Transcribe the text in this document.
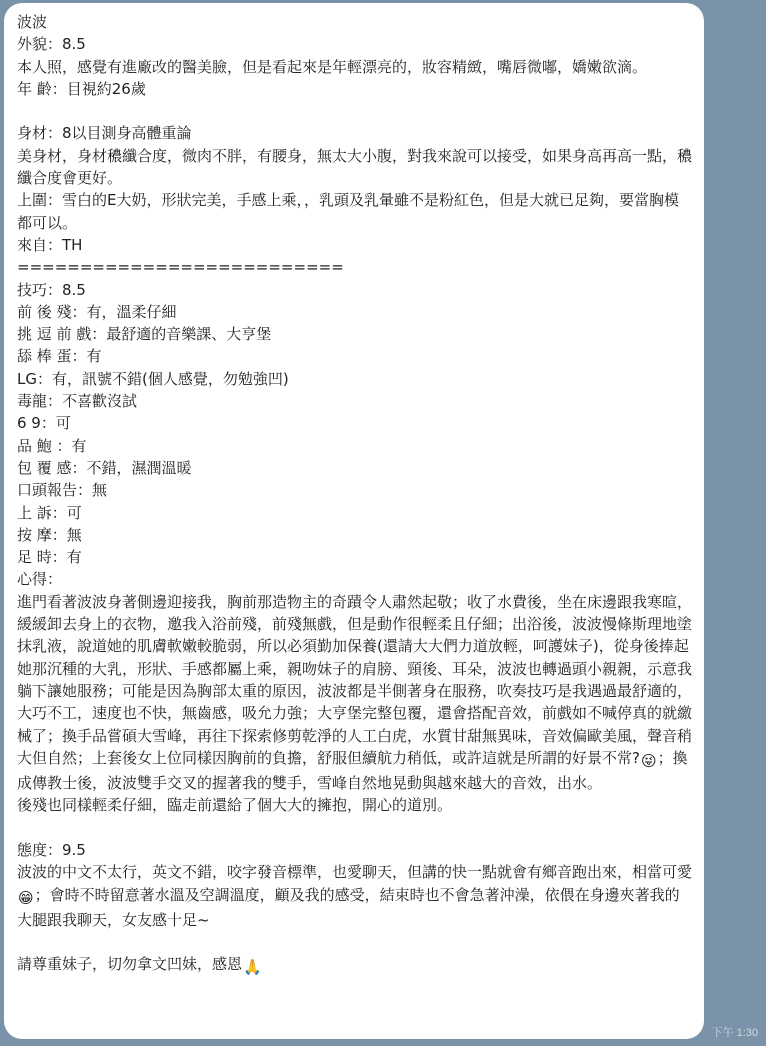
波波
外貌：8.5
本人照，感覺有進廠改的醫美臉，但是看起來是年輕漂亮的，妝容精緻，嘴唇微嘟，嬌嫩欲滴。
年 齡：目視約26歲

身材：8以目測身高體重論
美身材，身材穠纖合度，微肉不胖，有腰身，無太大小腹，對我來說可以接受，如果身高再高一點，穠纖合度會更好。
上圍：雪白的E大奶，形狀完美，手感上乘，，乳頭及乳暈雖不是粉紅色，但是大就已足夠，要當胸模都可以。
來自：TH
==========================
技巧：8.5
前 後 殘：有，溫柔仔細
挑 逗 前 戲：最舒適的音樂課、大亨堡
舔 棒 蛋：有
LG：有，訊號不錯(個人感覺，勿勉強凹)
毒龍：不喜歡沒試
6 9：可
品 鮑 ：有
包 覆 感：不錯，濕潤溫暖
口頭報告：無
上 訴：可
按 摩：無
足 時：有
心得：
進門看著波波身著側邊迎接我，胸前那造物主的奇蹟令人肅然起敬；收了水費後，坐在床邊跟我寒暄，緩緩卸去身上的衣物，邀我入浴前殘，前殘無戲，但是動作很輕柔且仔細；出浴後，波波慢條斯理地塗抹乳液，說道她的肌膚軟嫩較脆弱，所以必須勤加保養(還請大大們力道放輕，呵護妹子)，從身後捧起她那沉種的大乳，形狀、手感都屬上乘，親吻妹子的肩膀、頸後、耳朵，波波也轉過頭小親親，示意我躺下讓她服務；可能是因為胸部太重的原因，波波都是半側著身在服務，吹奏技巧是我遇過最舒適的，大巧不工，速度也不快，無齒感，吸允力強；大亨堡完整包覆，還會搭配音效，前戲如不喊停真的就繳械了；換手品嘗碩大雪峰，再往下探索修剪乾淨的人工白虎，水質甘甜無異味，音效偏歐美風，聲音稍大但自然；上套後女上位同樣因胸前的負擔，舒服但續航力稍低，或許這就是所謂的好景不常?😜；換成傳教士後，波波雙手交叉的握著我的雙手，雪峰自然地晃動與越來越大的音效，出水。
後殘也同樣輕柔仔細，臨走前還給了個大大的擁抱，開心的道別。

態度：9.5
波波的中文不太行，英文不錯，咬字發音標準，也愛聊天，但講的快一點就會有鄉音跑出來，相當可愛😁；會時不時留意著水溫及空調溫度，顧及我的感受，結束時也不會急著沖澡，依偎在身邊夾著我的大腿跟我聊天，女友感十足~

請尊重妹子，切勿拿文凹妹，感恩🙏
下午 1:30
